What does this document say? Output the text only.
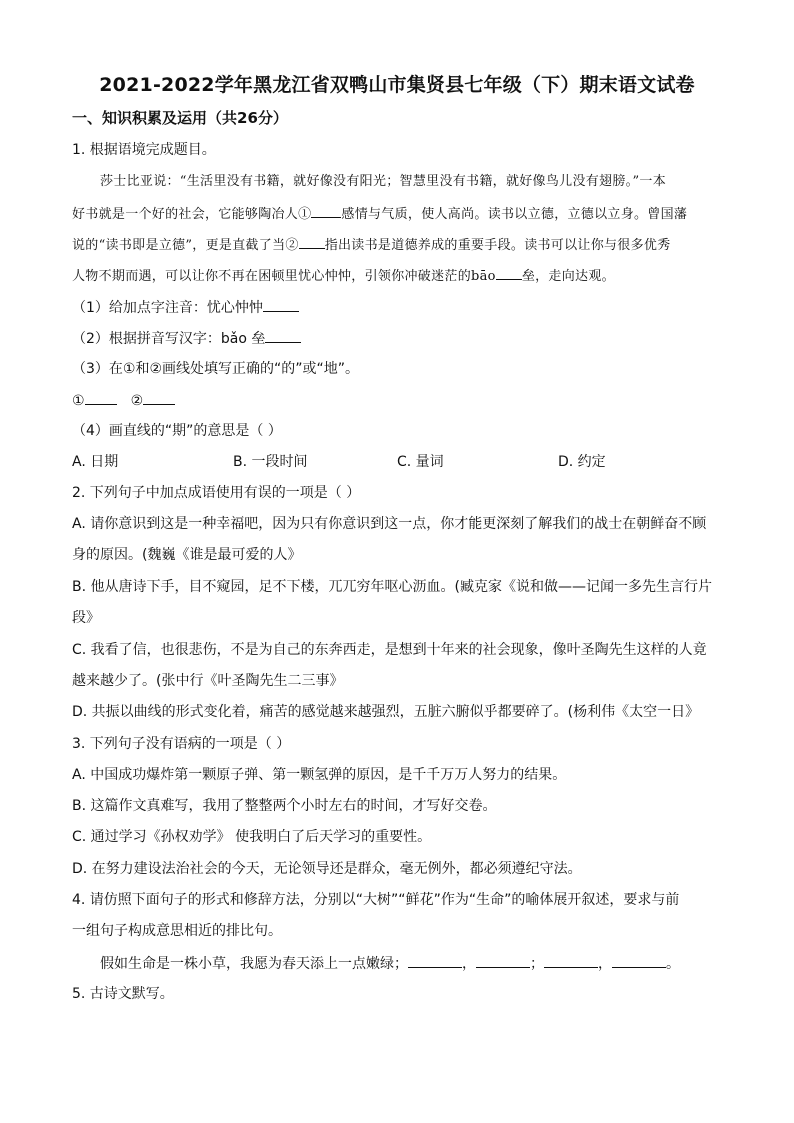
2021-2022学年黑龙江省双鸭山市集贤县七年级（下）期末语文试卷
一、知识积累及运用（共26分）
1. 根据语境完成题目。
莎士比亚说：“生活里没有书籍，就好像没有阳光；智慧里没有书籍，就好像鸟儿没有翅膀。”一本
好书就是一个好的社会，它能够陶冶人① 感情与气质，使人高尚。读书以立德，立德以立身。曾国藩
说的“读书即是立德”，更是直截了当② 指出读书是道德养成的重要手段。读书可以让你与很多优秀
人物不期而遇，可以让你不再在困顿里忧心忡忡，引领你冲破迷茫的bāo 垒，走向达观。
（1）给加点字注音：忧心忡忡
（2）根据拼音写汉字：bǎo 垒
（3）在①和②画线处填写正确的“的”或“地”。
①	②
（4）画直线的“期”的意思是（ ）
A. 日期	B. 一段时间	C. 量词	D. 约定
2. 下列句子中加点成语使用有误的一项是（ ）
A. 请你意识到这是一种幸福吧，因为只有你意识到这一点，你才能更深刻了解我们的战士在朝鲜奋不顾
身的原因。(魏巍《谁是最可爱的人》
B. 他从唐诗下手，目不窥园，足不下楼，兀兀穷年呕心沥血。(臧克家《说和做——记闻一多先生言行片
段》
C. 我看了信，也很悲伤，不是为自己的东奔西走，是想到十年来的社会现象，像叶圣陶先生这样的人竟
越来越少了。(张中行《叶圣陶先生二三事》
D. 共振以曲线的形式变化着，痛苦的感觉越来越强烈，五脏六腑似乎都要碎了。(杨利伟《太空一日》
3. 下列句子没有语病的一项是（ ）
A. 中国成功爆炸第一颗原子弹、第一颗氢弹的原因，是千千万万人努力的结果。
B. 这篇作文真难写，我用了整整两个小时左右的时间，才写好交卷。
C. 通过学习《孙权劝学》 使我明白了后天学习的重要性。
D. 在努力建设法治社会的今天，无论领导还是群众，毫无例外，都必须遵纪守法。
4. 请仿照下面句子的形式和修辞方法，分别以“大树”“鲜花”作为“生命”的喻体展开叙述，要求与前
一组句子构成意思相近的排比句。
假如生命是一株小草，我愿为春天添上一点嫩绿；	，	；	，	。
5. 古诗文默写。
